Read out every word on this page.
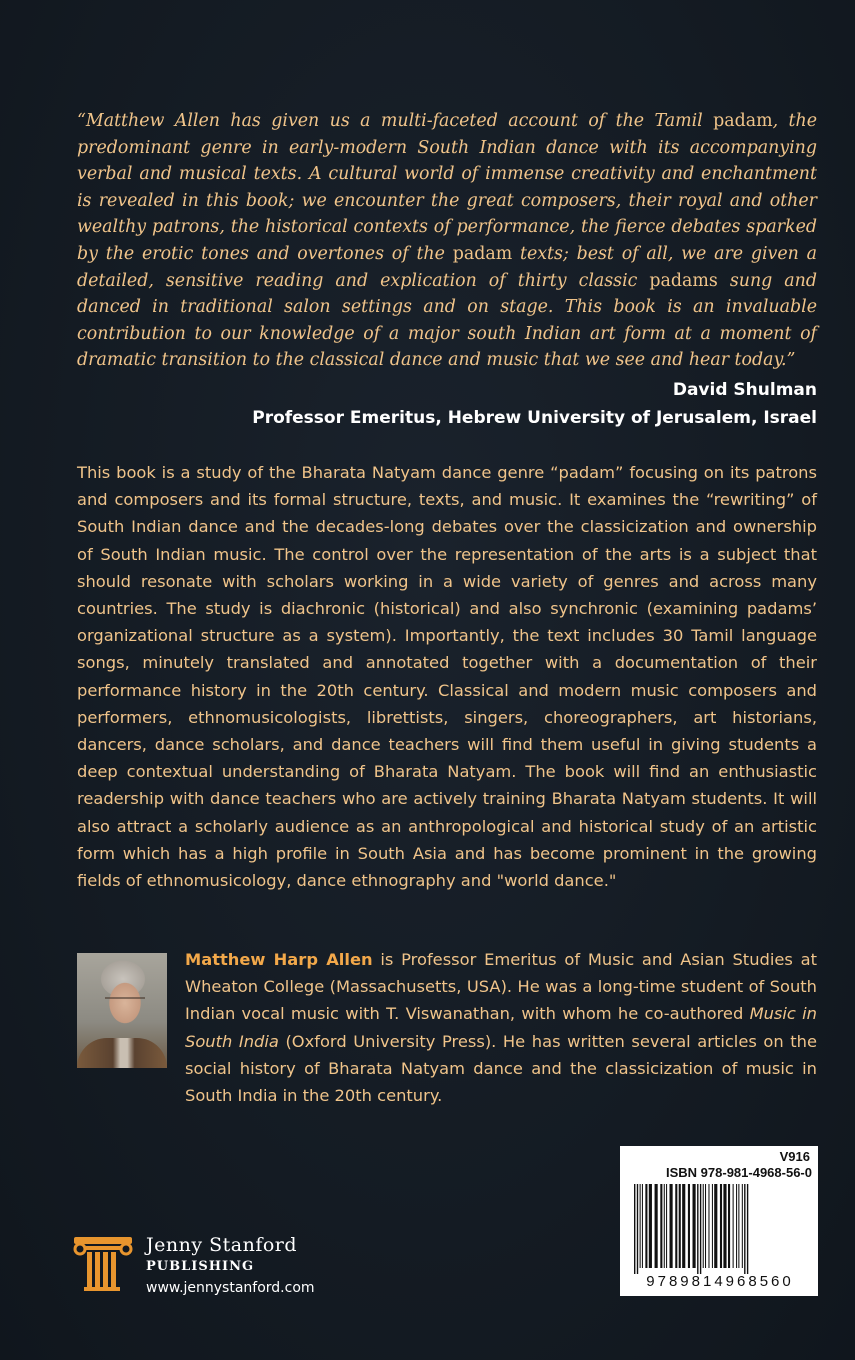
“Matthew Allen has given us a multi-faceted account of the Tamil padam, the predominant genre in early-modern South Indian dance with its accompanying verbal and musical texts. A cultural world of immense creativity and enchantment is revealed in this book; we encounter the great composers, their royal and other wealthy patrons, the historical contexts of performance, the fierce debates sparked by the erotic tones and overtones of the padam texts; best of all, we are given a detailed, sensitive reading and explication of thirty classic padams sung and danced in traditional salon settings and on stage. This book is an invaluable contribution to our knowledge of a major south Indian art form at a moment of dramatic transition to the classical dance and music that we see and hear today.”

David Shulman

Professor Emeritus, Hebrew University of Jerusalem, Israel

This book is a study of the Bharata Natyam dance genre “padam” focusing on its patrons and composers and its formal structure, texts, and music. It examines the “rewriting” of South Indian dance and the decades-long debates over the classicization and ownership of South Indian music. The control over the representation of the arts is a subject that should resonate with scholars working in a wide variety of genres and across many countries. The study is diachronic (historical) and also synchronic (examining padams’ organizational structure as a system). Importantly, the text includes 30 Tamil language songs, minutely translated and annotated together with a documentation of their performance history in the 20th century. Classical and modern music composers and performers, ethnomusicologists, librettists, singers, choreographers, art historians, dancers, dance scholars, and dance teachers will find them useful in giving students a deep contextual understanding of Bharata Natyam. The book will find an enthusiastic readership with dance teachers who are actively training Bharata Natyam students. It will also attract a scholarly audience as an anthropological and historical study of an artistic form which has a high profile in South Asia and has become prominent in the growing fields of ethnomusicology, dance ethnography and "world dance."

Matthew Harp Allen is Professor Emeritus of Music and Asian Studies at Wheaton College (Massachusetts, USA). He was a long-time student of South Indian vocal music with T. Viswanathan, with whom he co-authored Music in South India (Oxford University Press). He has written several articles on the social history of Bharata Natyam dance and the classicization of music in South India in the 20th century.

Jenny Stanford

PUBLISHING

www.jennystanford.com

V916

ISBN 978-981-4968-56-0

9789814968560
